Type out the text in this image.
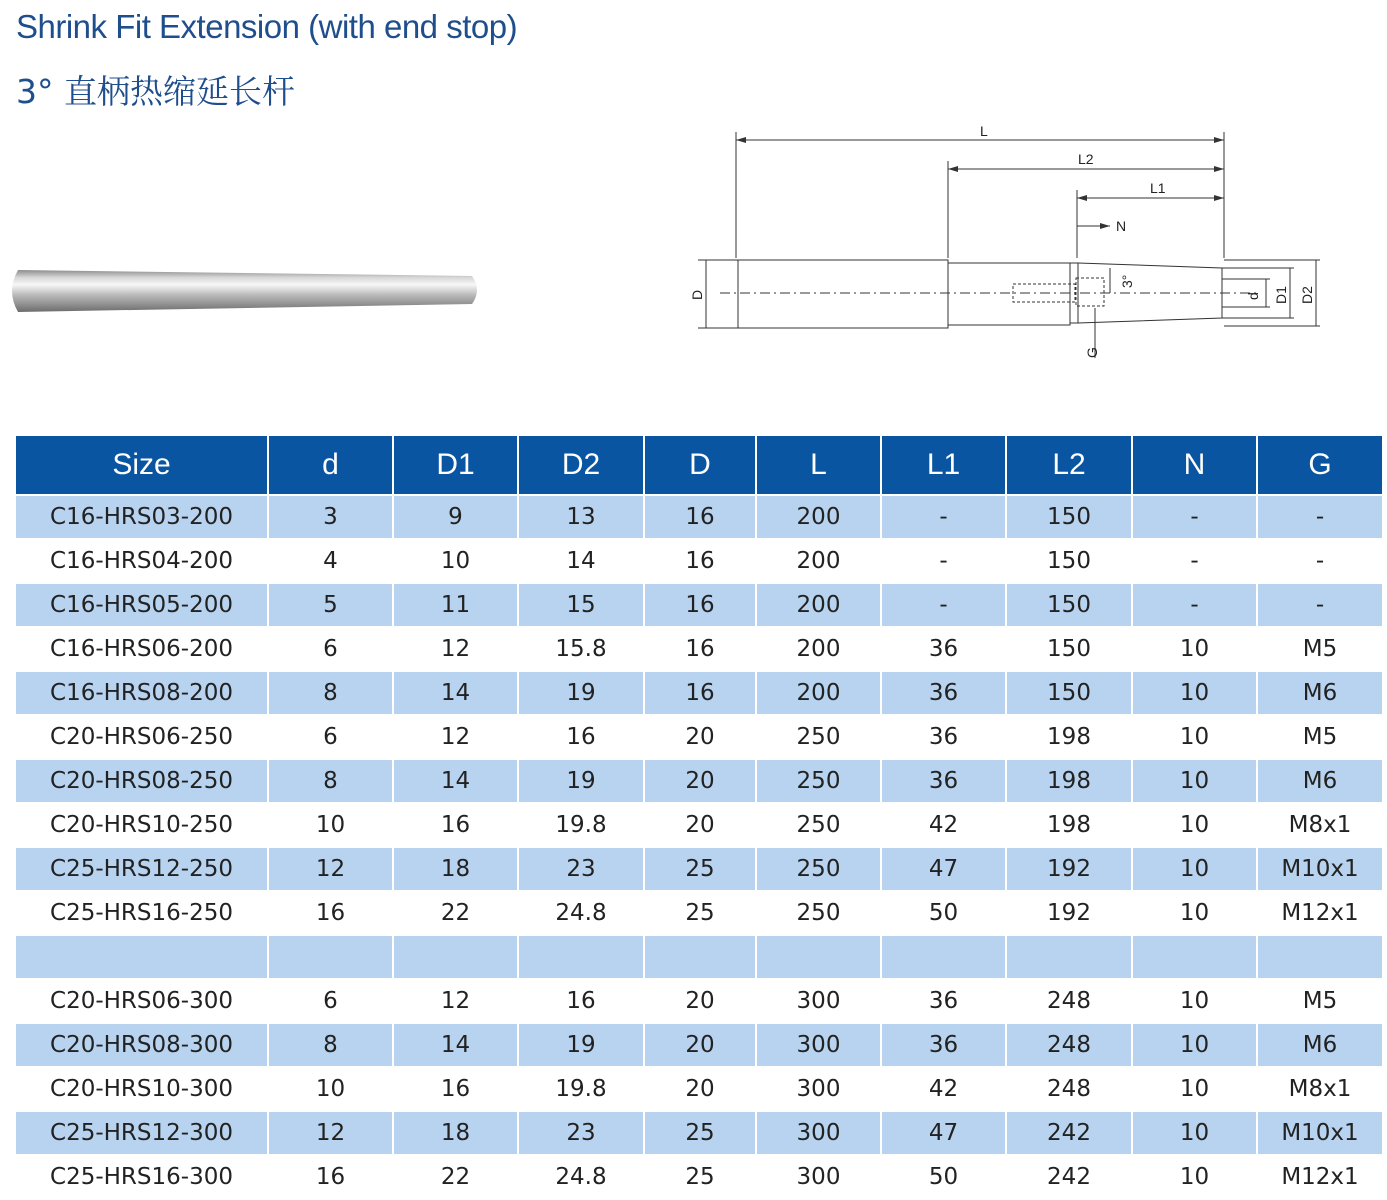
Shrink Fit Extension (with end stop)
3° 直柄热缩延长杆
L
L2
L1
N
3°
D	d D1 D2
G
Size	d	D1	D2	D	L	L1	L2	N	G
C16-HRS03-200	3	9	13	16	200	-	150	-	-
C16-HRS04-200	4	10	14	16	200	-	150	-	-
C16-HRS05-200	5	11	15	16	200	-	150	-	-
C16-HRS06-200	6	12	15.8	16	200	36	150	10	M5
C16-HRS08-200	8	14	19	16	200	36	150	10	M6
C20-HRS06-250	6	12	16	20	250	36	198	10	M5
C20-HRS08-250	8	14	19	20	250	36	198	10	M6
C20-HRS10-250	10	16	19.8	20	250	42	198	10	M8x1
C25-HRS12-250	12	18	23	25	250	47	192	10	M10x1
C25-HRS16-250	16	22	24.8	25	250	50	192	10	M12x1

C20-HRS06-300	6	12	16	20	300	36	248	10	M5
C20-HRS08-300	8	14	19	20	300	36	248	10	M6
C20-HRS10-300	10	16	19.8	20	300	42	248	10	M8x1
C25-HRS12-300	12	18	23	25	300	47	242	10	M10x1
C25-HRS16-300	16	22	24.8	25	300	50	242	10	M12x1
